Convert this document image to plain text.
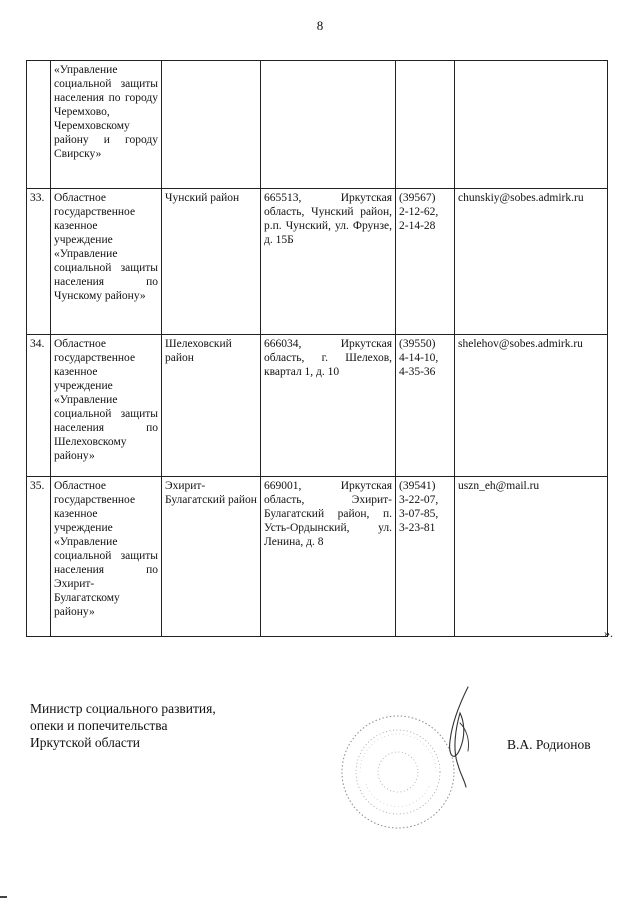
8
	«Управление социальной защиты населения по городу Черемхово, Черемховскому району и городу Свирску»				
33.	Областное государственное казенное учреждение «Управление социальной защиты населения по Чунскому району»	Чунский район	665513, Иркутская область, Чунский район, р.п. Чунский, ул. Фрунзе, д. 15Б	(39567)
2-12-62,
2-14-28	chunskiy@sobes.admirk.ru
34.	Областное государственное казенное учреждение «Управление социальной защиты населения по Шелеховскому району»	Шелеховский район	666034, Иркутская область, г. Шелехов, квартал 1, д. 10	(39550)
4-14-10,
4-35-36	shelehov@sobes.admirk.ru
35.	Областное государственное казенное учреждение «Управление социальной защиты населения по Эхирит-Булагатскому району»	Эхирит-Булагатский район	669001, Иркутская область, Эхирит-Булагатский район, п. Усть-Ордынский, ул. Ленина, д. 8	(39541)
3-22-07,
3-07-85,
3-23-81	uszn_eh@mail.ru
».
Министр социального развития,
опеки и попечительства
Иркутской области	В.А. Родионов
